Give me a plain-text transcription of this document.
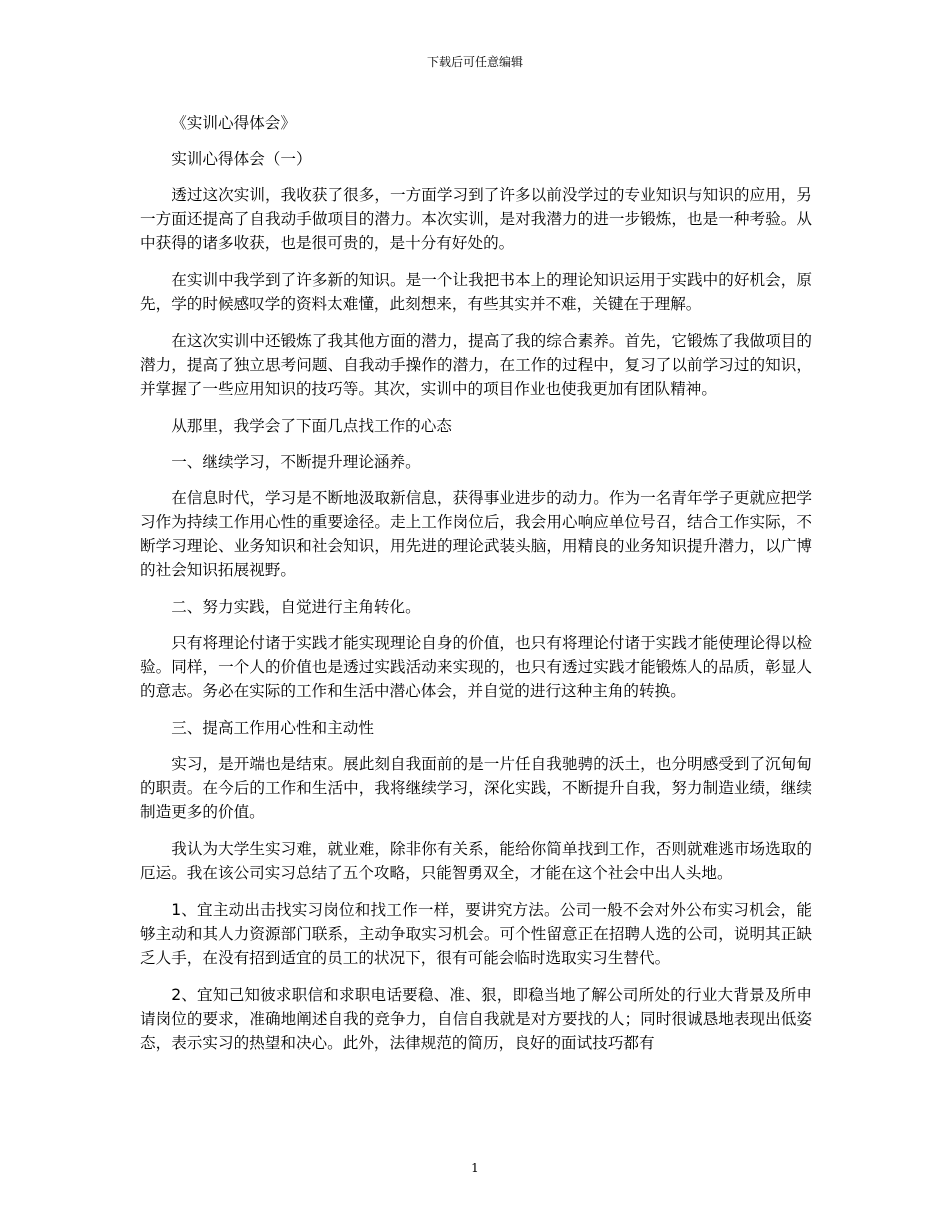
下载后可任意编辑

《实训心得体会》

实训心得体会（一）

透过这次实训，我收获了很多，一方面学习到了许多以前没学过的专业知识与知识的应用，另一方面还提高了自我动手做项目的潜力。本次实训，是对我潜力的进一步锻炼，也是一种考验。从中获得的诸多收获，也是很可贵的，是十分有好处的。

在实训中我学到了许多新的知识。是一个让我把书本上的理论知识运用于实践中的好机会，原先，学的时候感叹学的资料太难懂，此刻想来，有些其实并不难，关键在于理解。

在这次实训中还锻炼了我其他方面的潜力，提高了我的综合素养。首先，它锻炼了我做项目的潜力，提高了独立思考问题、自我动手操作的潜力，在工作的过程中，复习了以前学习过的知识，并掌握了一些应用知识的技巧等。其次，实训中的项目作业也使我更加有团队精神。

从那里，我学会了下面几点找工作的心态

一、继续学习，不断提升理论涵养。

在信息时代，学习是不断地汲取新信息，获得事业进步的动力。作为一名青年学子更就应把学习作为持续工作用心性的重要途径。走上工作岗位后，我会用心响应单位号召，结合工作实际，不断学习理论、业务知识和社会知识，用先进的理论武装头脑，用精良的业务知识提升潜力，以广博的社会知识拓展视野。

二、努力实践，自觉进行主角转化。

只有将理论付诸于实践才能实现理论自身的价值，也只有将理论付诸于实践才能使理论得以检验。同样，一个人的价值也是透过实践活动来实现的，也只有透过实践才能锻炼人的品质，彰显人的意志。务必在实际的工作和生活中潜心体会，并自觉的进行这种主角的转换。

三、提高工作用心性和主动性

实习，是开端也是结束。展此刻自我面前的是一片任自我驰骋的沃土，也分明感受到了沉甸甸的职责。在今后的工作和生活中，我将继续学习，深化实践，不断提升自我，努力制造业绩，继续制造更多的价值。

我认为大学生实习难，就业难，除非你有关系，能给你简单找到工作，否则就难逃市场选取的厄运。我在该公司实习总结了五个攻略，只能智勇双全，才能在这个社会中出人头地。

1、宜主动出击找实习岗位和找工作一样，要讲究方法。公司一般不会对外公布实习机会，能够主动和其人力资源部门联系，主动争取实习机会。可个性留意正在招聘人选的公司，说明其正缺乏人手，在没有招到适宜的员工的状况下，很有可能会临时选取实习生替代。

2、宜知己知彼求职信和求职电话要稳、准、狠，即稳当地了解公司所处的行业大背景及所申请岗位的要求，准确地阐述自我的竞争力，自信自我就是对方要找的人；同时很诚恳地表现出低姿态，表示实习的热望和决心。此外，法律规范的简历，良好的面试技巧都有

1
